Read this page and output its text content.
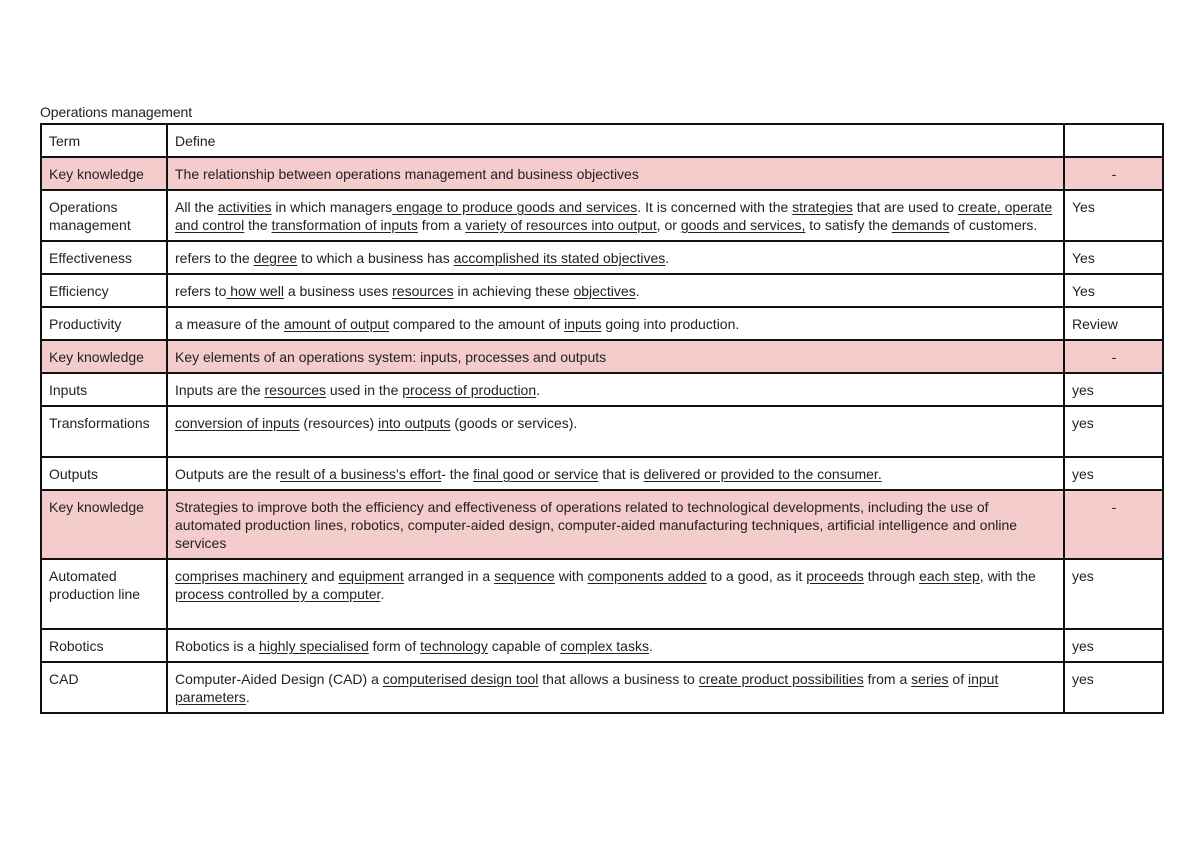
Operations management
Term	Define	
Key knowledge	The relationship between operations management and business objectives	-
Operations management	All the activities in which managers engage to produce goods and services. It is concerned with the strategies that are used to create, operate and control the transformation of inputs from a variety of resources into output, or goods and services, to satisfy the demands of customers.	Yes
Effectiveness	refers to the degree to which a business has accomplished its stated objectives.	Yes
Efficiency	refers to how well a business uses resources in achieving these objectives.	Yes
Productivity	a measure of the amount of output compared to the amount of inputs going into production.	Review
Key knowledge	Key elements of an operations system: inputs, processes and outputs	-
Inputs	Inputs are the resources used in the process of production.	yes
Transformations	conversion of inputs (resources) into outputs (goods or services).	yes
Outputs	Outputs are the result of a business's effort- the final good or service that is delivered or provided to the consumer.	yes
Key knowledge	Strategies to improve both the efficiency and effectiveness of operations related to technological developments, including the use of automated production lines, robotics, computer-aided design, computer-aided manufacturing techniques, artificial intelligence and online services	-
Automated production line	comprises machinery and equipment arranged in a sequence with components added to a good, as it proceeds through each step, with the process controlled by a computer.	yes
Robotics	Robotics is a highly specialised form of technology capable of complex tasks.	yes
CAD	Computer-Aided Design (CAD) a computerised design tool that allows a business to create product possibilities from a series of input parameters.	yes
